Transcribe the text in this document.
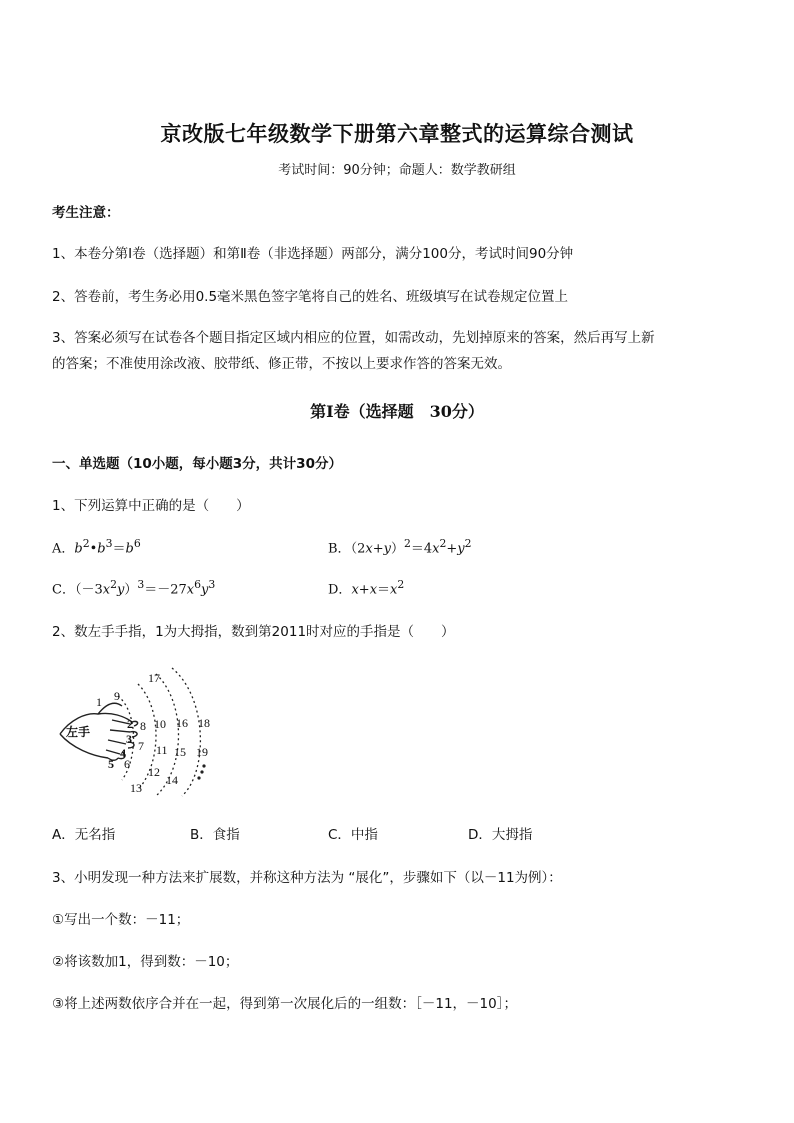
京改版七年级数学下册第六章整式的运算综合测试
考试时间：90分钟；命题人：数学教研组
考生注意：
1、本卷分第Ⅰ卷（选择题）和第Ⅱ卷（非选择题）两部分，满分100分，考试时间90分钟
2、答卷前，考生务必用0.5毫米黑色签字笔将自己的姓名、班级填写在试卷规定位置上
3、答案必须写在试卷各个题目指定区域内相应的位置，如需改动，先划掉原来的答案，然后再写上新
的答案；不准使用涂改液、胶带纸、修正带，不按以上要求作答的答案无效。
第Ⅰ卷（选择题　30分）
一、单选题（10小题，每小题3分，共计30分）
1、下列运算中正确的是（　　）
A．$b^2•b^3=b^6$	B．$(2x+y)^2=4x^2+y^2$
C．$(-3x^2y)^3=-27x^6y^3$	D．$x+x=x^2$
2、数左手手指，1为大拇指，数到第2011时对应的手指是（　　）
左手
1
2
3
4
5 6
7
8
9
10
11
12
13
14
15
16
17
18
19
A．无名指	B．食指	C．中指	D．大拇指
3、小明发现一种方法来扩展数，并称这种方法为 “展化”，步骤如下（以－11为例）：
①写出一个数：－11；
②将该数加1，得到数：－10；
③将上述两数依序合并在一起，得到第一次展化后的一组数：［－11，－10］；
